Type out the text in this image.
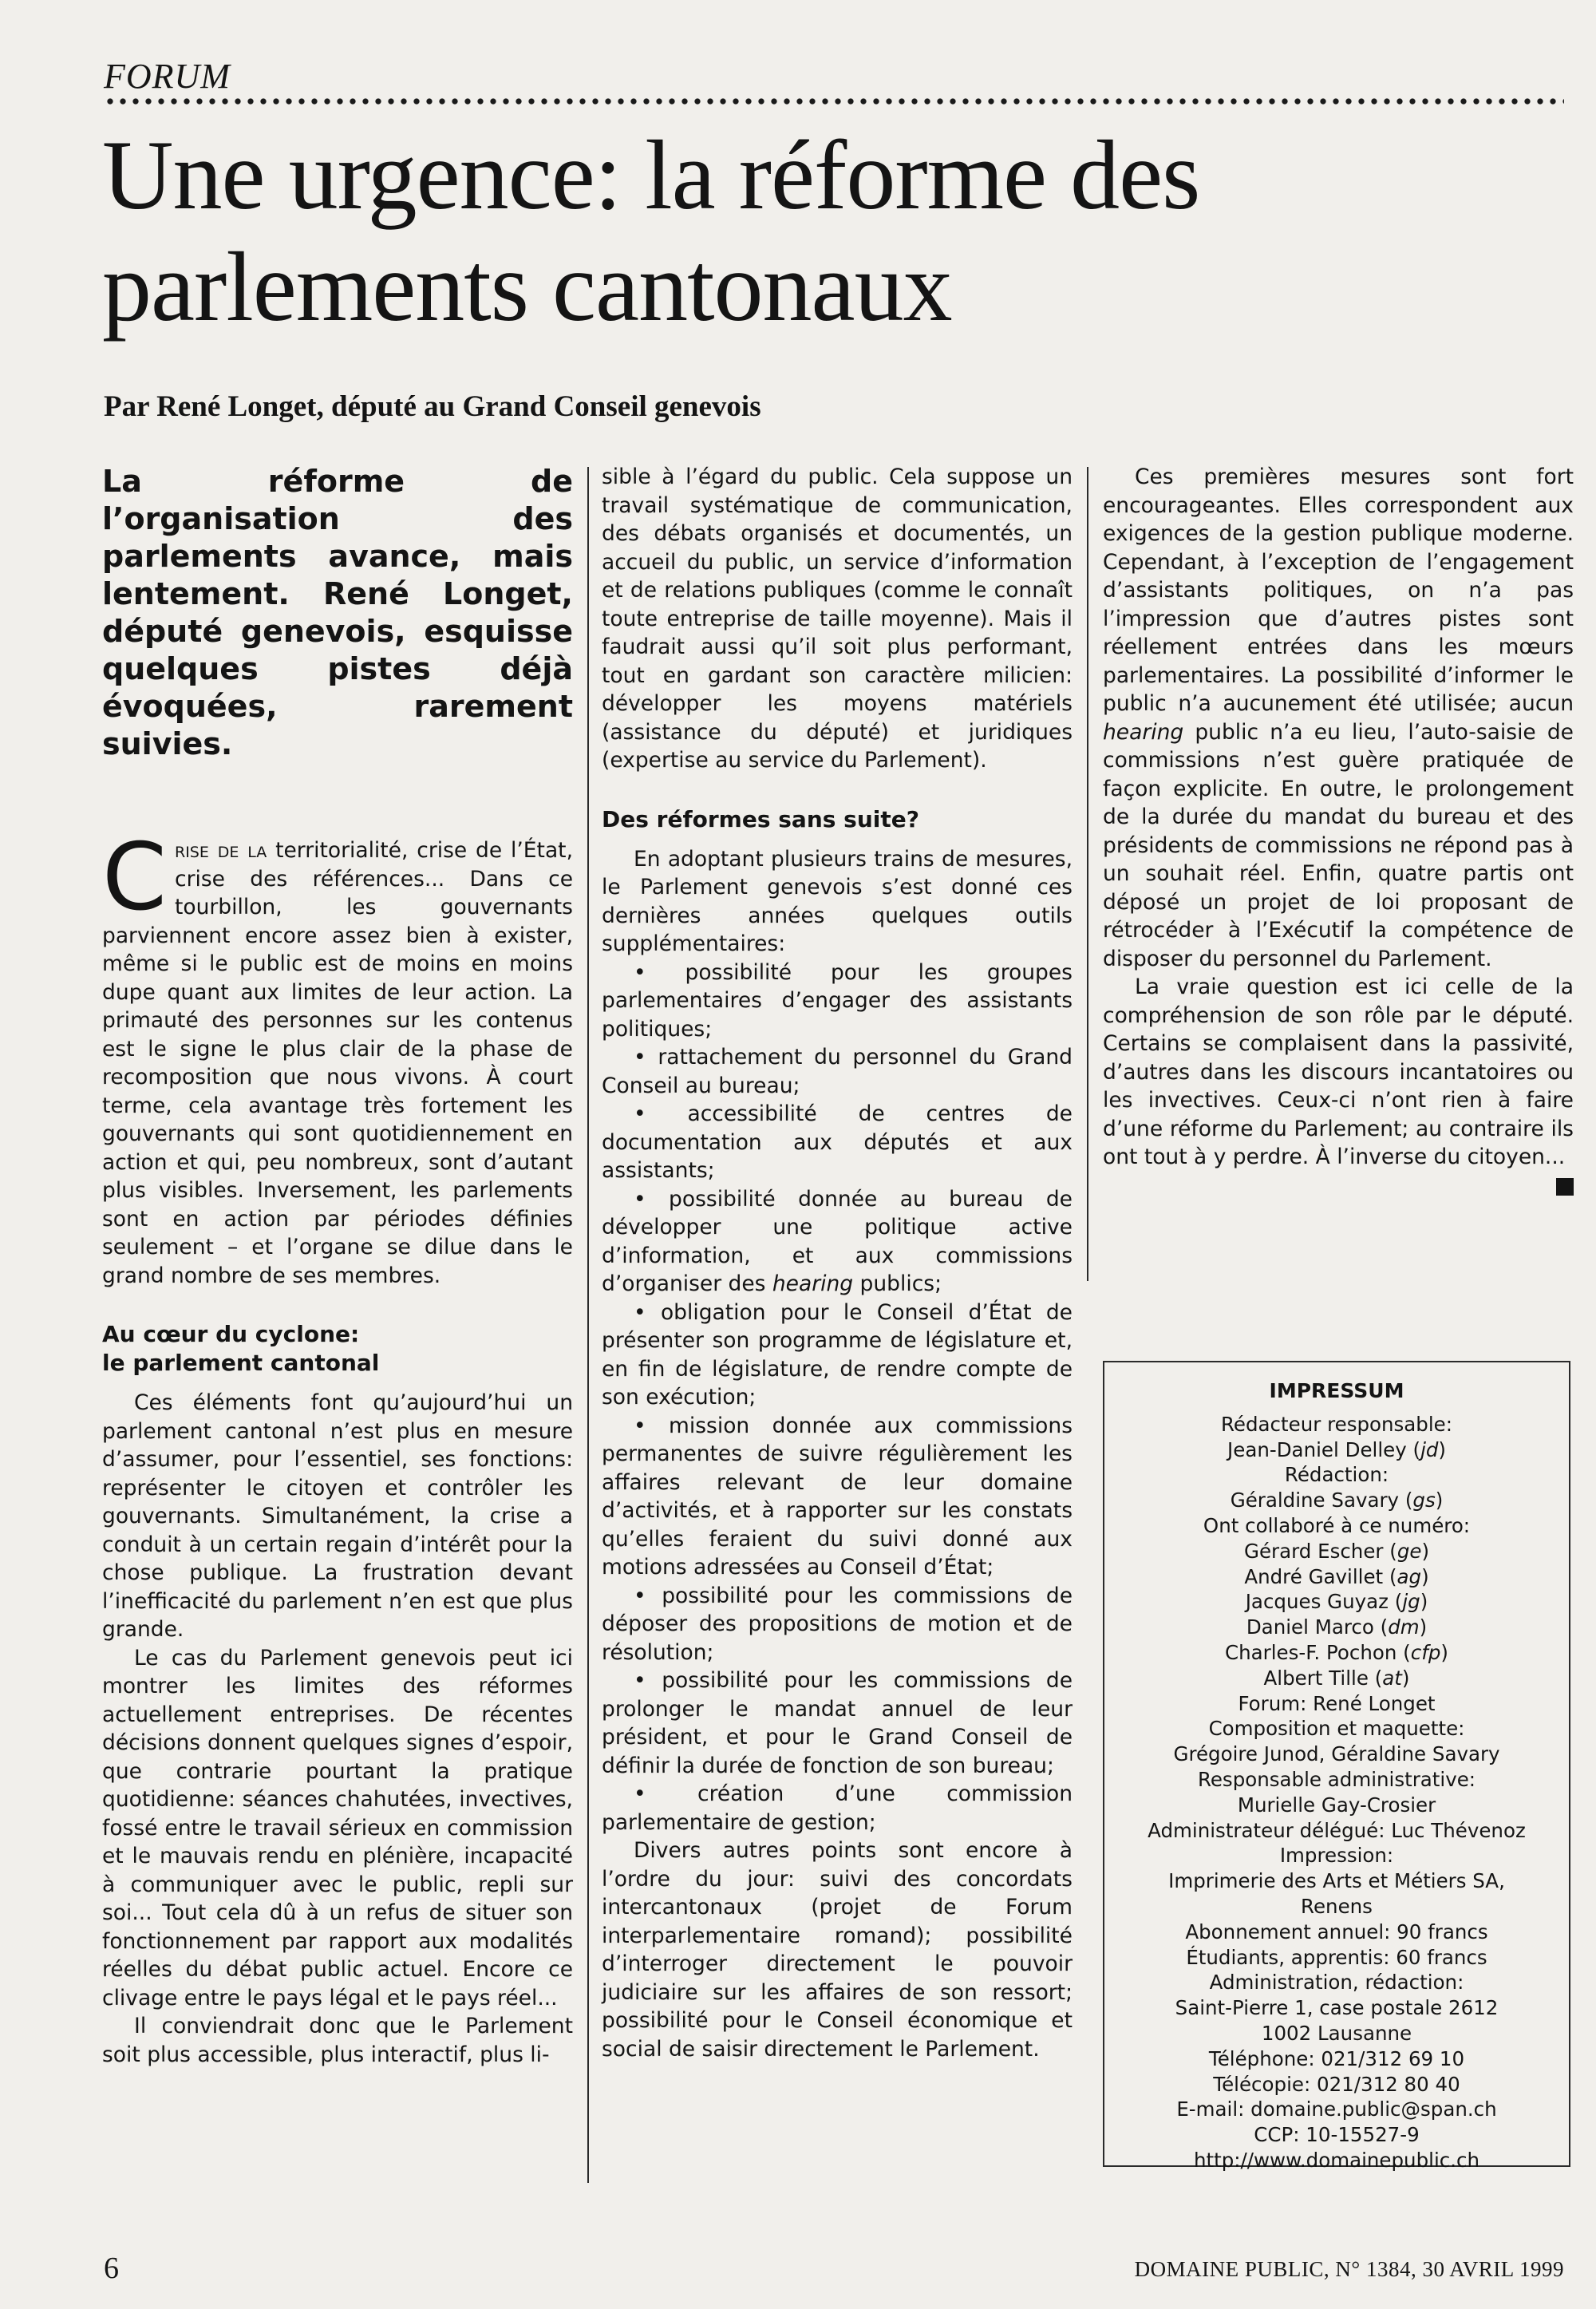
FORUM
Une urgence: la réforme des
parlements cantonaux
Par René Longet, député au Grand Conseil genevois

La réforme de l’organisation des parlements avance, mais lentement. René Longet, député genevois, esquisse quelques pistes déjà évoquées, rarement suivies.

Crise de la territorialité, crise de l’État, crise des références... Dans ce tourbillon, les gouvernants parviennent encore assez bien à exister, même si le public est de moins en moins dupe quant aux limites de leur action. La primauté des personnes sur les contenus est le signe le plus clair de la phase de recomposition que nous vivons. À court terme, cela avantage très fortement les gouvernants qui sont quotidiennement en action et qui, peu nombreux, sont d’autant plus visibles. Inversement, les parlements sont en action par périodes définies seulement – et l’organe se dilue dans le grand nombre de ses membres.

Au cœur du cyclone:
le parlement cantonal

Ces éléments font qu’aujourd’hui un parlement cantonal n’est plus en mesure d’assumer, pour l’essentiel, ses fonctions: représenter le citoyen et contrôler les gouvernants. Simultanément, la crise a conduit à un certain regain d’intérêt pour la chose publique. La frustration devant l’inefficacité du parlement n’en est que plus grande.

Le cas du Parlement genevois peut ici montrer les limites des réformes actuellement entreprises. De récentes décisions donnent quelques signes d’espoir, que contrarie pourtant la pratique quotidienne: séances chahutées, invectives, fossé entre le travail sérieux en commission et le mauvais rendu en plénière, incapacité à communiquer avec le public, repli sur soi... Tout cela dû à un refus de situer son fonctionnement par rapport aux modalités réelles du débat public actuel. Encore ce clivage entre le pays légal et le pays réel...

Il conviendrait donc que le Parlement soit plus accessible, plus interactif, plus li-

sible à l’égard du public. Cela suppose un travail systématique de communication, des débats organisés et documentés, un accueil du public, un service d’information et de relations publiques (comme le connaît toute entreprise de taille moyenne). Mais il faudrait aussi qu’il soit plus performant, tout en gardant son caractère milicien: développer les moyens matériels (assistance du député) et juridiques (expertise au service du Parlement).

Des réformes sans suite?

En adoptant plusieurs trains de mesures, le Parlement genevois s’est donné ces dernières années quelques outils supplémentaires:

• possibilité pour les groupes parlementaires d’engager des assistants politiques;

• rattachement du personnel du Grand Conseil au bureau;

• accessibilité de centres de documentation aux députés et aux assistants;

• possibilité donnée au bureau de développer une politique active d’information, et aux commissions d’organiser des hearing publics;

• obligation pour le Conseil d’État de présenter son programme de législature et, en fin de législature, de rendre compte de son exécution;

• mission donnée aux commissions permanentes de suivre régulièrement les affaires relevant de leur domaine d’activités, et à rapporter sur les constats qu’elles feraient du suivi donné aux motions adressées au Conseil d’État;

• possibilité pour les commissions de déposer des propositions de motion et de résolution;

• possibilité pour les commissions de prolonger le mandat annuel de leur président, et pour le Grand Conseil de définir la durée de fonction de son bureau;

• création d’une commission parlementaire de gestion;

Divers autres points sont encore à l’ordre du jour: suivi des concordats intercantonaux (projet de Forum interparlementaire romand); possibilité d’interroger directement le pouvoir judiciaire sur les affaires de son ressort; possibilité pour le Conseil économique et social de saisir directement le Parlement.

Ces premières mesures sont fort encourageantes. Elles correspondent aux exigences de la gestion publique moderne. Cependant, à l’exception de l’engagement d’assistants politiques, on n’a pas l’impression que d’autres pistes sont réellement entrées dans les mœurs parlementaires. La possibilité d’informer le public n’a aucunement été utilisée; aucun hearing public n’a eu lieu, l’auto-saisie de commissions n’est guère pratiquée de façon explicite. En outre, le prolongement de la durée du mandat du bureau et des présidents de commissions ne répond pas à un souhait réel. Enfin, quatre partis ont déposé un projet de loi proposant de rétrocéder à l’Exécutif la compétence de disposer du personnel du Parlement.

La vraie question est ici celle de la compréhension de son rôle par le député. Certains se complaisent dans la passivité, d’autres dans les discours incantatoires ou les invectives. Ceux-ci n’ont rien à faire d’une réforme du Parlement; au contraire ils ont tout à y perdre. À l’inverse du citoyen...

IMPRESSUM
Rédacteur responsable:
Jean-Daniel Delley (jd)
Rédaction:
Géraldine Savary (gs)
Ont collaboré à ce numéro:
Gérard Escher (ge)
André Gavillet (ag)
Jacques Guyaz (jg)
Daniel Marco (dm)
Charles-F. Pochon (cfp)
Albert Tille (at)
Forum: René Longet
Composition et maquette:
Grégoire Junod, Géraldine Savary
Responsable administrative:
Murielle Gay-Crosier
Administrateur délégué: Luc Thévenoz
Impression:
Imprimerie des Arts et Métiers SA,
Renens
Abonnement annuel: 90 francs
Étudiants, apprentis: 60 francs
Administration, rédaction:
Saint-Pierre 1, case postale 2612
1002 Lausanne
Téléphone: 021/312 69 10
Télécopie: 021/312 80 40
E-mail: domaine.public@span.ch
CCP: 10-15527-9
http://www.domainepublic.ch
6	DOMAINE PUBLIC, N° 1384, 30 AVRIL 1999
